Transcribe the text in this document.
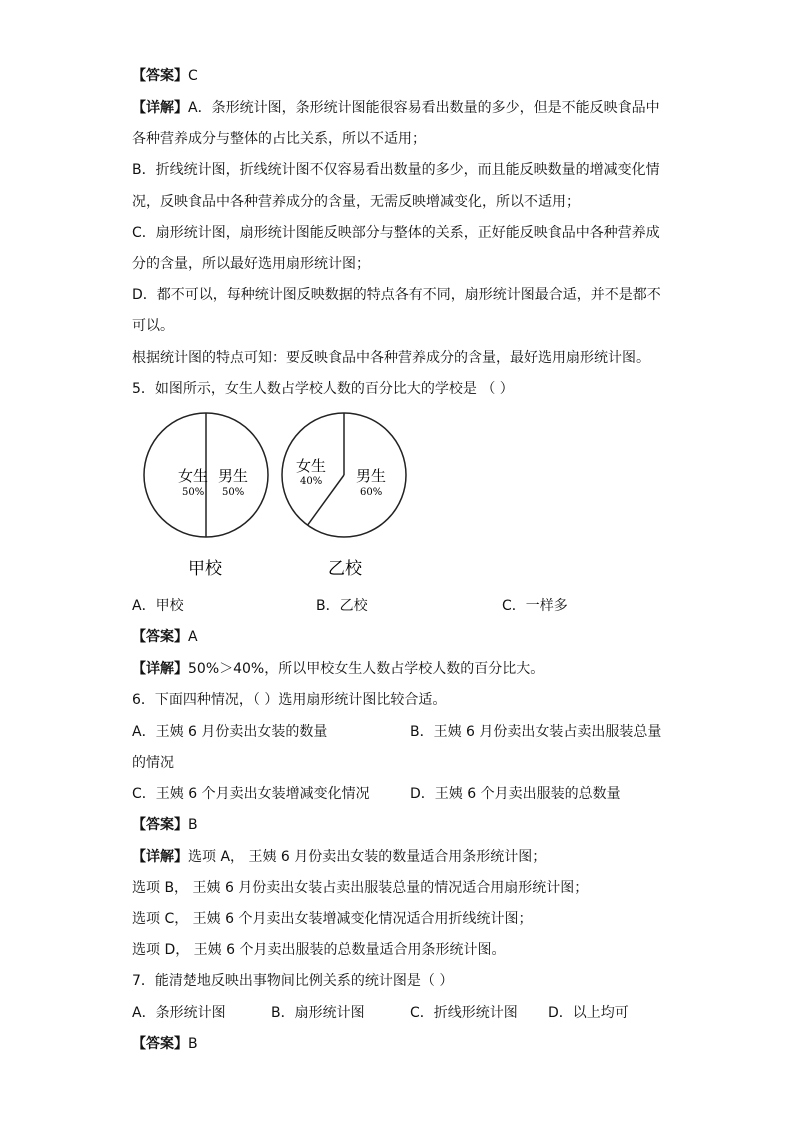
【答案】C
【详解】A．条形统计图，条形统计图能很容易看出数量的多少，但是不能反映食品中
各种营养成分与整体的占比关系，所以不适用；
B．折线统计图，折线统计图不仅容易看出数量的多少，而且能反映数量的增减变化情
况，反映食品中各种营养成分的含量，无需反映增减变化，所以不适用；
C．扇形统计图，扇形统计图能反映部分与整体的关系，正好能反映食品中各种营养成
分的含量，所以最好选用扇形统计图；
D．都不可以，每种统计图反映数据的特点各有不同，扇形统计图最合适，并不是都不
可以。
根据统计图的特点可知：要反映食品中各种营养成分的含量，最好选用扇形统计图。
5．如图所示，女生人数占学校人数的百分比大的学校是 （ ）
女生
50%
男生
50%
甲校
女生
40% 男生
60%
乙校
A．甲校	B．乙校	C．一样多
【答案】A
【详解】50%＞40%，所以甲校女生人数占学校人数的百分比大。
6．下面四种情况，（ ）选用扇形统计图比较合适。
A．王姨 6 月份卖出女装的数量	B．王姨 6 月份卖出女装占卖出服装总量
的情况
C．王姨 6 个月卖出女装增减变化情况	D．王姨 6 个月卖出服装的总数量
【答案】B
【详解】选项 A， 王姨 6 月份卖出女装的数量适合用条形统计图；
选项 B， 王姨 6 月份卖出女装占卖出服装总量的情况适合用扇形统计图；
选项 C， 王姨 6 个月卖出女装增减变化情况适合用折线统计图；
选项 D， 王姨 6 个月卖出服装的总数量适合用条形统计图。
7．能清楚地反映出事物间比例关系的统计图是（ ）
A．条形统计图	B．扇形统计图	C．折线形统计图 D．以上均可
【答案】B
